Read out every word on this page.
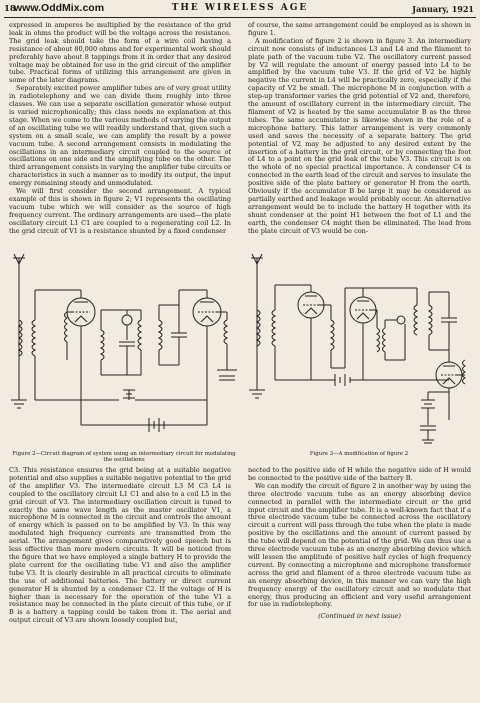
18
www.OddMix.com	THE WIRELESS AGE	January, 1921

expressed in amperes be multiplied by the resistance of the grid leak in ohms the product will be the voltage across the resistance. The grid leak should take the form of a wire coil having a resistance of about 80,000 ohms and for experimental work should preferably have about 8 tappings from it in order that any desired voltage may be obtained for use in the grid circuit of the amplifier tube. Practical forms of utilizing this arrangement are given in some of the later diagrams.

Separately excited power amplifier tubes are of very great utility in radiotelephony and we can divide them roughly into three classes. We can use a separate oscillation generator whose output is varied microphonically; this class needs no explanation at this stage. When we come to the various methods of varying the output of an oscillating tube we will readily understand that, given such a system on a small scale, we can amplify the result by a power vacuum tube. A second arrangement consists in modulating the oscillations in an intermediary circuit coupled to the source of oscillations on one side and the amplifying tube on the other. The third arrangement consists in varying the amplifier tube circuits or characteristics in such a manner as to modify its output, the input energy remaining steady and unmodulated.

We will first consider the second arrangement. A typical example of this is shown in figure 2; V1 represents the oscillating vacuum tube which we will consider as the source of high frequency current. The ordinary arrangements are used—the plate oscillatory circuit L1 C1 are coupled to a regenerating coil L2. In the grid circuit of V1 is a resistance shunted by a fixed condenser

of course, the same arrangement could be employed as is shown in figure 1.

A modification of figure 2 is shown in figure 3. An intermediary circuit now consists of inductances L3 and L4 and the filament to plate path of the vacuum tube V2. The oscillatory current passed by V2 will regulate the amount of energy passed into L4 to be amplified by the vacuum tube V3. If the grid of V2 be highly negative the current in L4 will be practically zero, especially if the capacity of V2 be small. The microphone M in conjunction with a step-up transformer varies the grid potential of V2 and, therefore, the amount of oscillatory current in the intermediary circuit. The filament of V2 is heated by the same accumulator B as the three tubes. The same accumulator is likewise shown in the role of a microphone battery. This latter arrangement is very commonly used and saves the necessity of a separate battery. The grid potential of V2 may be adjusted to any desired extent by the insertion of a battery in the grid circuit, or by connecting the foot of L4 to a point on the grid leak of the tube V3. This circuit is on the whole of no special practical importance. A condenser C4 is connected in the earth lead of the circuit and serves to insulate the positive side of the plate battery or generator H from the earth. Obviously if the accumulator B be large it may be considered as partially earthed and leakage would probably occur. An alternative arrangement would be to include the battery H together with its shunt condenser at the point H1 between the foot of L1 and the earth, the condenser C4 might then be eliminated. The lead from the plate circuit of V3 would be con-

Figure 2—Circuit diagram of system using an intermediary circuit for modulating the oscillations
Figure 3—A modification of figure 2

C3. This resistance ensures the grid being at a suitable negative potential and also supplies a suitable negative potential to the grid of the amplifier V3. The intermediate circuit L3 M C3 L4 is coupled to the oscillatory circuit L1 C1 and also to a coil L5 in the grid circuit of V3. The intermediary oscillation circuit is tuned to exactly the same wave length as the master oscillator V1, a microphone M is connected in the circuit and controls the amount of energy which is passed on to be amplified by V3. In this way modulated high frequency currents are transmitted from the aerial. The arrangement gives comparatively good speech but is less effective than more modern circuits. It will be noticed from the figure that we have employed a single battery H to provide the plate current for the oscillating tube V1 and also the amplifier tube V3. It is clearly desirable in all practical circuits to eliminate the use of additional batteries. The battery or direct current generator H is shunted by a condenser C2. If the voltage of H is higher than is necessary for the operation of the tube V1 a resistance may be connected in the plate circuit of this tube, or if B is a battery a tapping could be taken from it. The aerial and output circuit of V3 are shown loosely coupled but,

nected to the positive side of H while the negative side of H would be connected to the positive side of the battery B.

We can modify the circuit of figure 2 in another way by using the three electrode vacuum tube as an energy absorbing device connected in parallel with the intermediate circuit or the grid input circuit and the amplifier tube. It is a well-known fact that if a three electrode vacuum tube be connected across the oscillatory circuit a current will pass through the tube when the plate is made positive by the oscillations and the amount of current passed by the tube will depend on the potential of the grid. We can thus use a three electrode vacuum tube as an energy absorbing device which will lessen the amplitude of positive half cycles of high frequency current. By connecting a microphone and microphone transformer across the grid and filament of a three electrode vacuum tube as an energy absorbing device, in this manner we can vary the high frequency energy of the oscillatory circuit and so modulate that energy, thus producing an efficient and very useful arrangement for use in radiotelephony.

(Continued in next issue)
